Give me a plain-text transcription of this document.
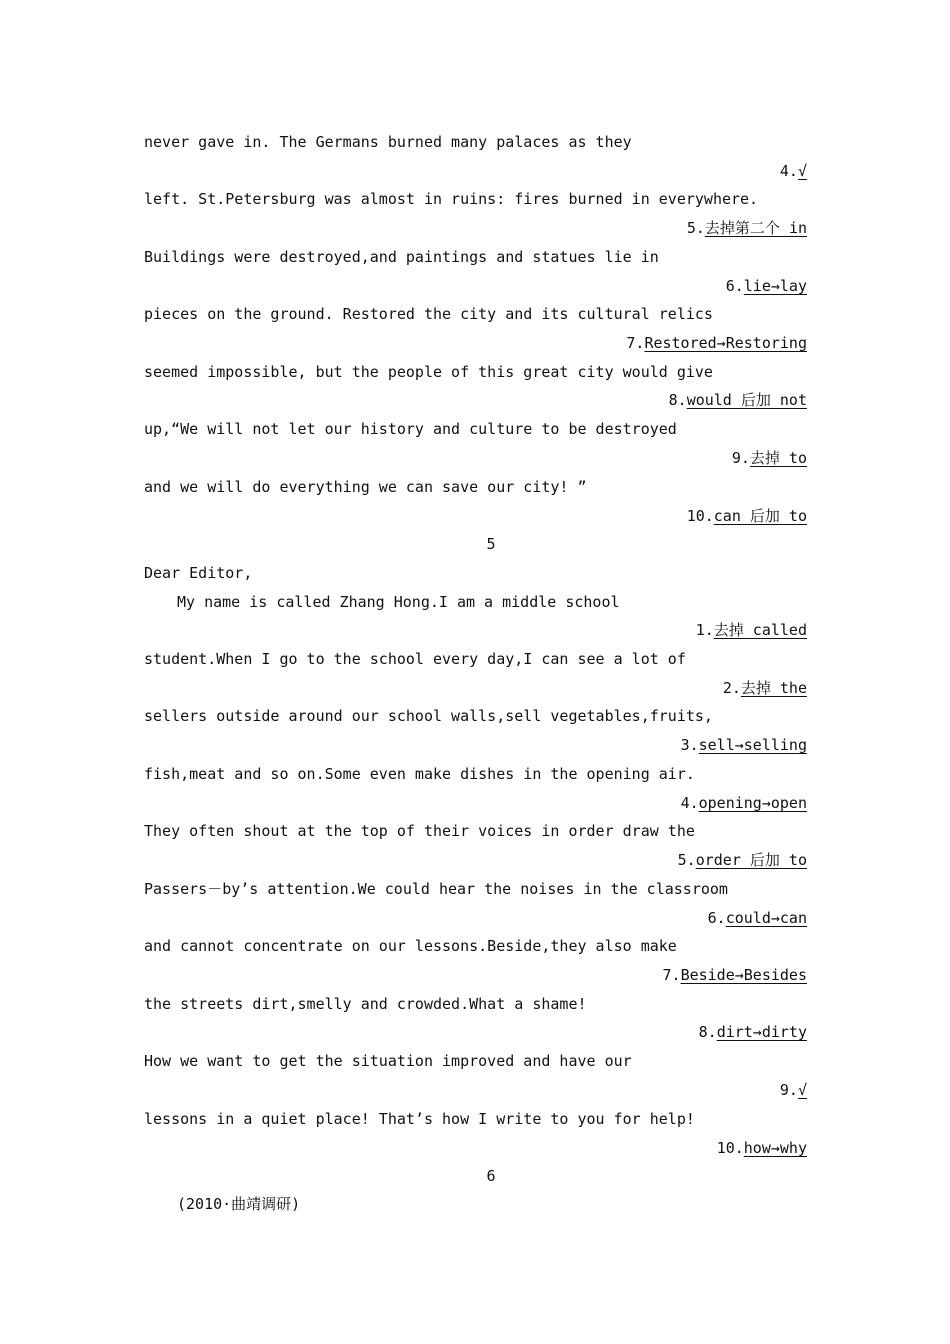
never gave in. The Germans burned many palaces as they
4.√
left. St.Petersburg was almost in ruins: fires burned in everywhere.
5.去掉第二个 in
Buildings were destroyed,and paintings and statues lie in
6.lie→lay
pieces on the ground. Restored the city and its cultural relics
7.Restored→Restoring
seemed impossible, but the people of this great city would give
8.would 后加 not
up,“We will not let our history and culture to be destroyed
9.去掉 to
and we will do everything we can save our city! ”
10.can 后加 to
5
Dear Editor,
My name is called Zhang Hong.I am a middle school
1.去掉 called
student.When I go to the school every day,I can see a lot of
2.去掉 the
sellers outside around our school walls,sell vegetables,fruits,
3.sell→selling
fish,meat and so on.Some even make dishes in the opening air.
4.opening→open
They often shout at the top of their voices in order draw the
5.order 后加 to
Passers－by’s attention.We could hear the noises in the classroom
6.could→can
and cannot concentrate on our lessons.Beside,they also make
7.Beside→Besides
the streets dirt,smelly and crowded.What a shame!
8.dirt→dirty
How we want to get the situation improved and have our
9.√
lessons in a quiet place! That’s how I write to you for help!
10.how→why
6
(2010·曲靖调研)
